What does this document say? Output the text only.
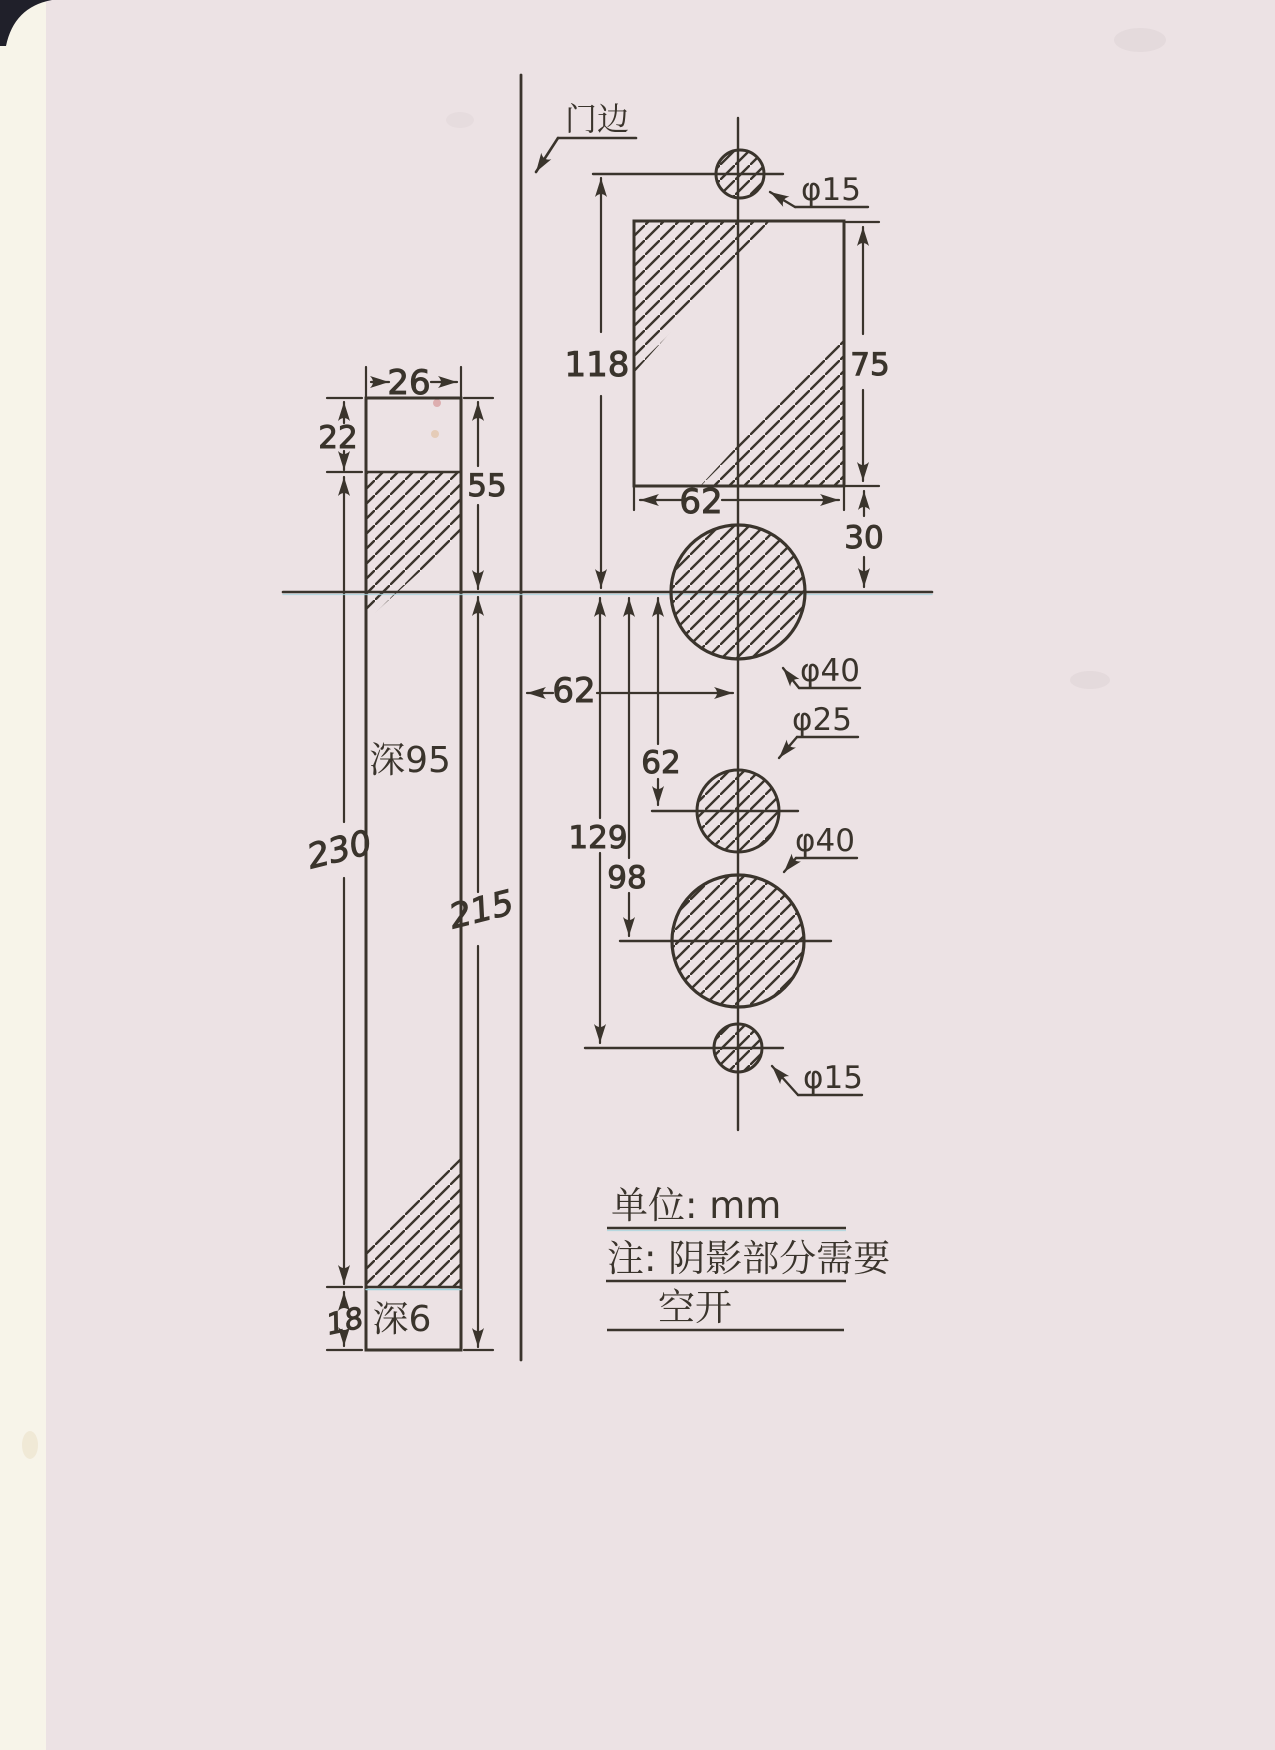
26
22
55
230
215
18
深95
深6
门边
118	75
62
30
62
62
98
129
φ15
φ40
φ25
φ40
φ15
单位: mm
注: 阴影部分需要
空开
